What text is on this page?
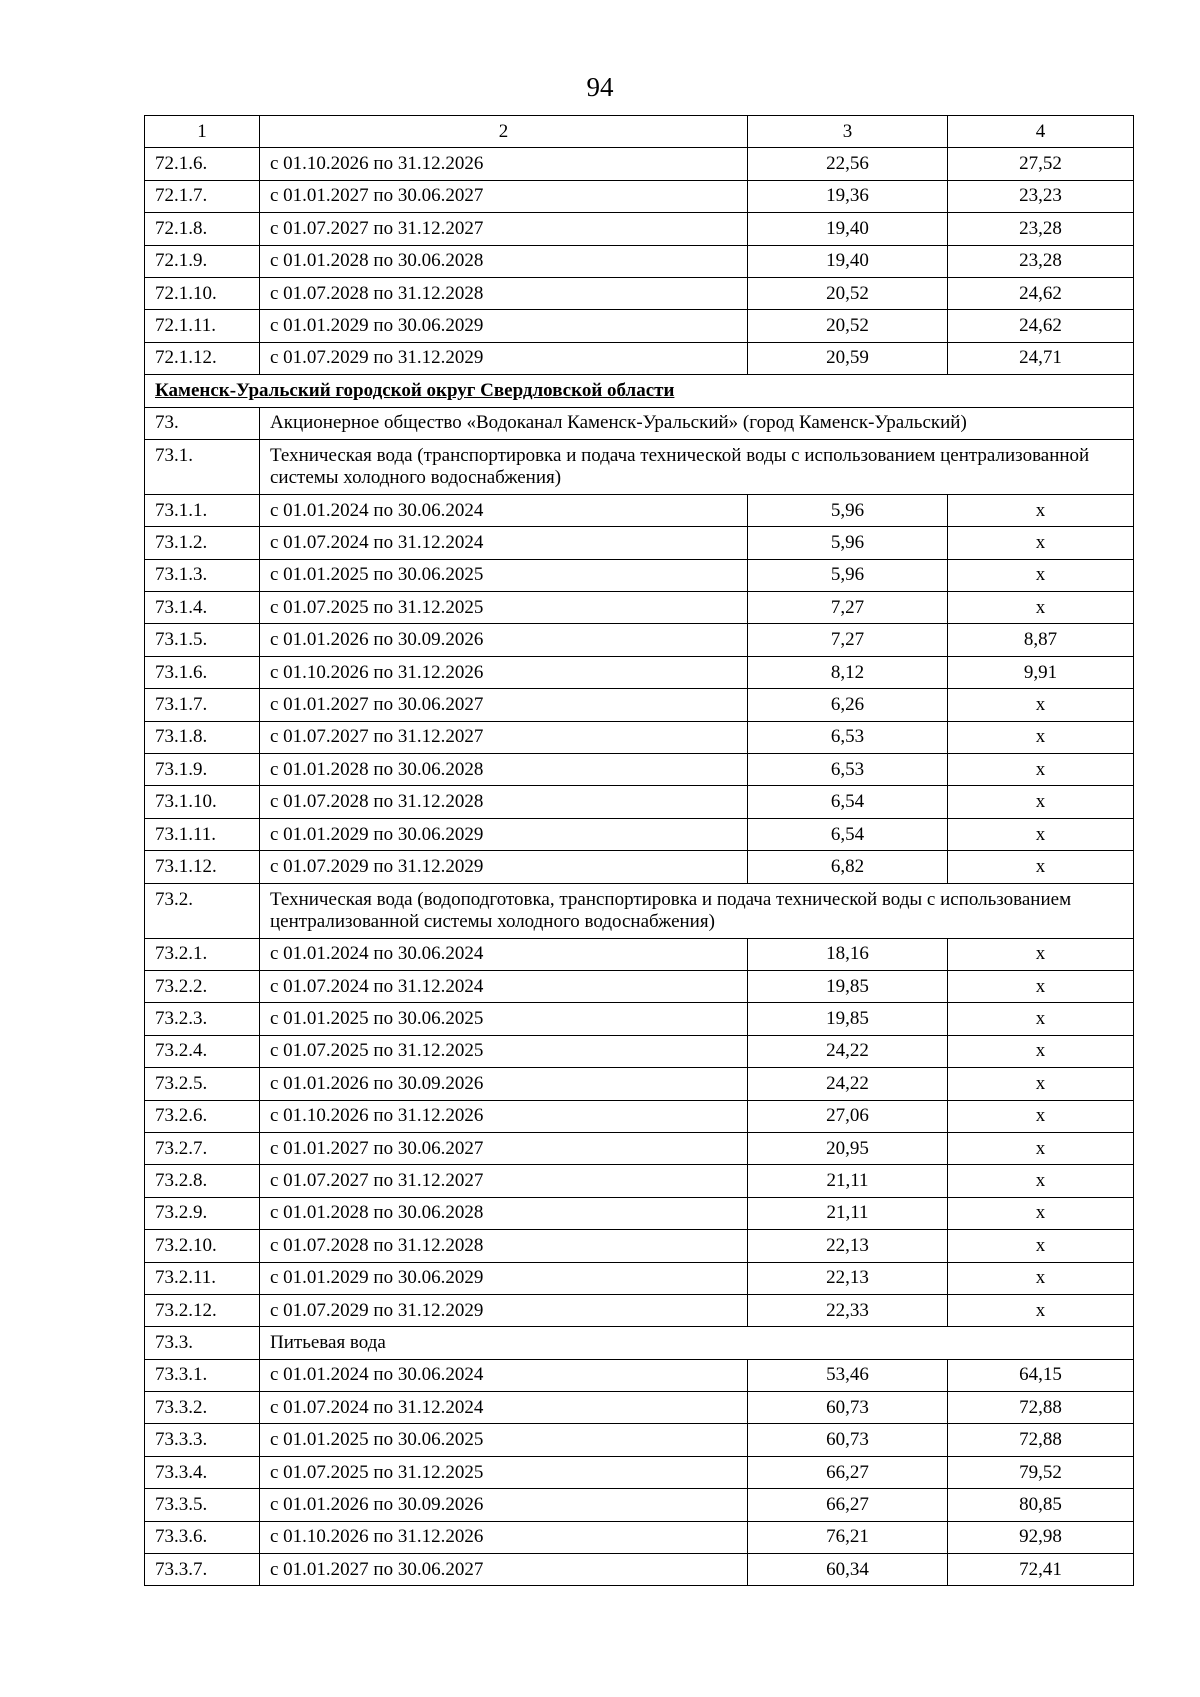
94
1	2	3	4
72.1.6.	с 01.10.2026 по 31.12.2026	22,56	27,52
72.1.7.	с 01.01.2027 по 30.06.2027	19,36	23,23
72.1.8.	с 01.07.2027 по 31.12.2027	19,40	23,28
72.1.9.	с 01.01.2028 по 30.06.2028	19,40	23,28
72.1.10.	с 01.07.2028 по 31.12.2028	20,52	24,62
72.1.11.	с 01.01.2029 по 30.06.2029	20,52	24,62
72.1.12.	с 01.07.2029 по 31.12.2029	20,59	24,71
Каменск-Уральский городской округ Свердловской области			
73.	Акционерное общество «Водоканал Каменск-Уральский» (город Каменск-Уральский)		
73.1.	Техническая вода (транспортировка и подача технической воды с использованием централизованной системы холодного водоснабжения)		
73.1.1.	с 01.01.2024 по 30.06.2024	5,96	х
73.1.2.	с 01.07.2024 по 31.12.2024	5,96	х
73.1.3.	с 01.01.2025 по 30.06.2025	5,96	х
73.1.4.	с 01.07.2025 по 31.12.2025	7,27	х
73.1.5.	с 01.01.2026 по 30.09.2026	7,27	8,87
73.1.6.	с 01.10.2026 по 31.12.2026	8,12	9,91
73.1.7.	с 01.01.2027 по 30.06.2027	6,26	х
73.1.8.	с 01.07.2027 по 31.12.2027	6,53	х
73.1.9.	с 01.01.2028 по 30.06.2028	6,53	х
73.1.10.	с 01.07.2028 по 31.12.2028	6,54	х
73.1.11.	с 01.01.2029 по 30.06.2029	6,54	х
73.1.12.	с 01.07.2029 по 31.12.2029	6,82	х
73.2.	Техническая вода (водоподготовка, транспортировка и подача технической воды с использованием централизованной системы холодного водоснабжения)		
73.2.1.	с 01.01.2024 по 30.06.2024	18,16	х
73.2.2.	с 01.07.2024 по 31.12.2024	19,85	х
73.2.3.	с 01.01.2025 по 30.06.2025	19,85	х
73.2.4.	с 01.07.2025 по 31.12.2025	24,22	х
73.2.5.	с 01.01.2026 по 30.09.2026	24,22	х
73.2.6.	с 01.10.2026 по 31.12.2026	27,06	х
73.2.7.	с 01.01.2027 по 30.06.2027	20,95	х
73.2.8.	с 01.07.2027 по 31.12.2027	21,11	х
73.2.9.	с 01.01.2028 по 30.06.2028	21,11	х
73.2.10.	с 01.07.2028 по 31.12.2028	22,13	х
73.2.11.	с 01.01.2029 по 30.06.2029	22,13	х
73.2.12.	с 01.07.2029 по 31.12.2029	22,33	х
73.3.	Питьевая вода		
73.3.1.	с 01.01.2024 по 30.06.2024	53,46	64,15
73.3.2.	с 01.07.2024 по 31.12.2024	60,73	72,88
73.3.3.	с 01.01.2025 по 30.06.2025	60,73	72,88
73.3.4.	с 01.07.2025 по 31.12.2025	66,27	79,52
73.3.5.	с 01.01.2026 по 30.09.2026	66,27	80,85
73.3.6.	с 01.10.2026 по 31.12.2026	76,21	92,98
73.3.7.	с 01.01.2027 по 30.06.2027	60,34	72,41
